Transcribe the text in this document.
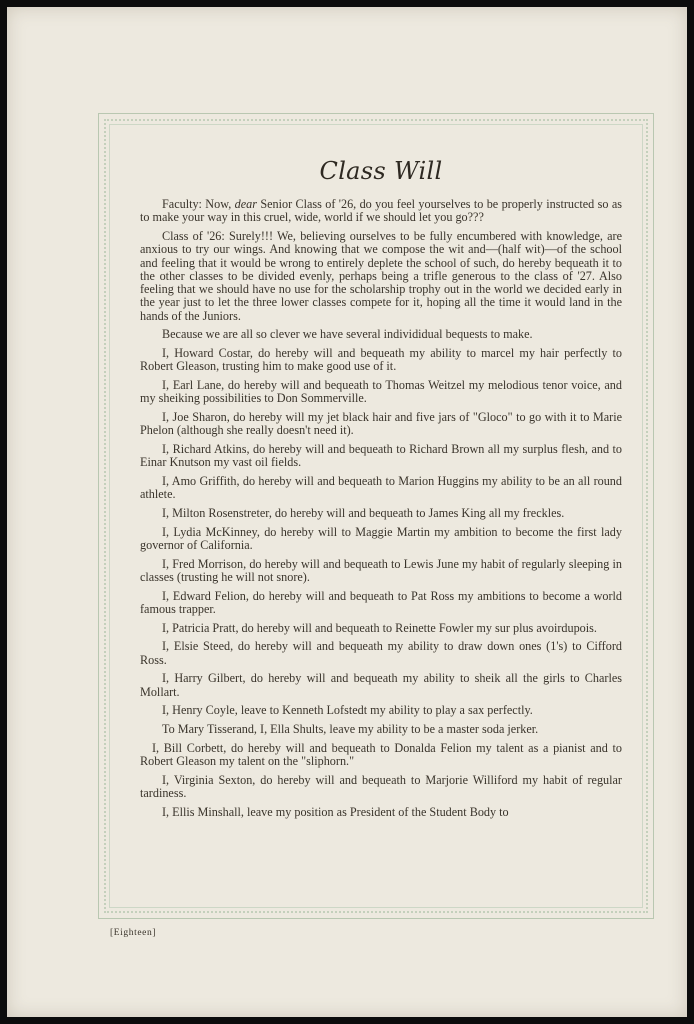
Class Will

Faculty: Now, dear Senior Class of '26, do you feel yourselves to be properly instructed so as to make your way in this cruel, wide, world if we should let you go???

Class of '26: Surely!!! We, believing ourselves to be fully encumbered with knowledge, are anxious to try our wings. And knowing that we compose the wit and—(half wit)—of the school and feeling that it would be wrong to entirely deplete the school of such, do hereby bequeath it to the other classes to be divided evenly, perhaps being a trifle generous to the class of '27. Also feeling that we should have no use for the scholarship trophy out in the world we decided early in the year just to let the three lower classes compete for it, hoping all the time it would land in the hands of the Juniors.

Because we are all so clever we have several individidual bequests to make.

I, Howard Costar, do hereby will and bequeath my ability to marcel my hair perfectly to Robert Gleason, trusting him to make good use of it.

I, Earl Lane, do hereby will and bequeath to Thomas Weitzel my melodious tenor voice, and my sheiking possibilities to Don Sommerville.

I, Joe Sharon, do hereby will my jet black hair and five jars of "Gloco" to go with it to Marie Phelon (although she really doesn't need it).

I, Richard Atkins, do hereby will and bequeath to Richard Brown all my surplus flesh, and to Einar Knutson my vast oil fields.

I, Amo Griffith, do hereby will and bequeath to Marion Huggins my ability to be an all round athlete.

I, Milton Rosenstreter, do hereby will and bequeath to James King all my freckles.

I, Lydia McKinney, do hereby will to Maggie Martin my ambition to become the first lady governor of California.

I, Fred Morrison, do hereby will and bequeath to Lewis June my habit of regularly sleeping in classes (trusting he will not snore).

I, Edward Felion, do hereby will and bequeath to Pat Ross my ambitions to become a world famous trapper.

I, Patricia Pratt, do hereby will and bequeath to Reinette Fowler my sur plus avoirdupois.

I, Elsie Steed, do hereby will and bequeath my ability to draw down ones (1's) to Cifford Ross.

I, Harry Gilbert, do hereby will and bequeath my ability to sheik all the girls to Charles Mollart.

I, Henry Coyle, leave to Kenneth Lofstedt my ability to play a sax perfectly.

To Mary Tisserand, I, Ella Shults, leave my ability to be a master soda jerker.

I, Bill Corbett, do hereby will and bequeath to Donalda Felion my talent as a pianist and to Robert Gleason my talent on the "sliphorn."

I, Virginia Sexton, do hereby will and bequeath to Marjorie Williford my habit of regular tardiness.

I, Ellis Minshall, leave my position as President of the Student Body to

[Eighteen]
